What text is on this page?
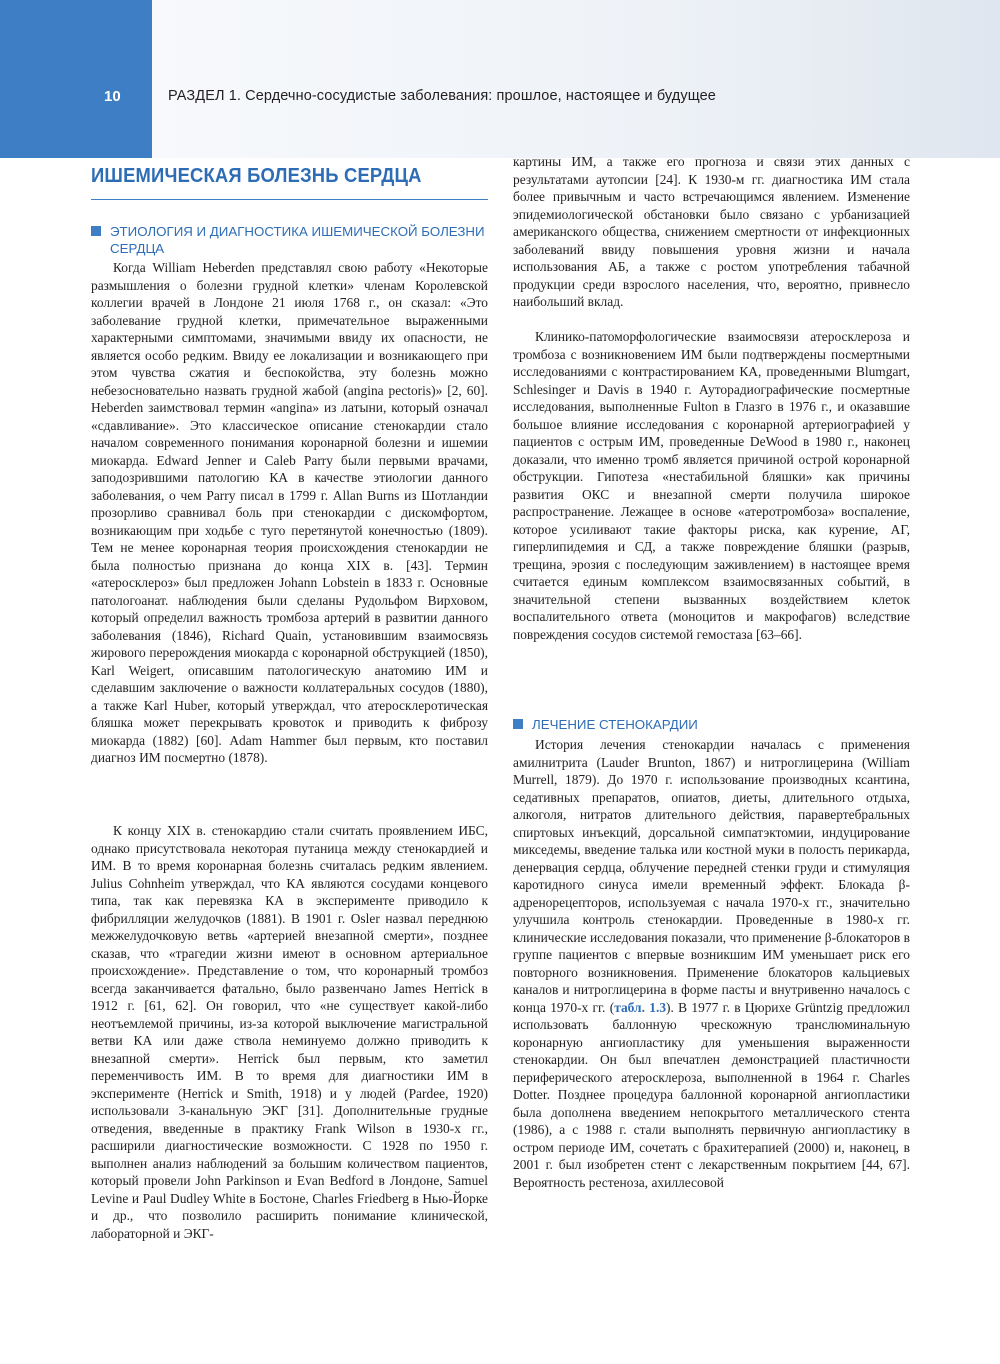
10	РАЗДЕЛ 1. Сердечно-сосудистые заболевания: прошлое, настоящее и будущее
ИШЕМИЧЕСКАЯ БОЛЕЗНЬ СЕРДЦА
ЭТИОЛОГИЯ И ДИАГНОСТИКА ИШЕМИЧЕСКОЙ БОЛЕЗНИ СЕРДЦА

Когда William Heberden представлял свою работу «Некоторые размышления о болезни грудной клетки» членам Королевской коллегии врачей в Лондоне 21 июля 1768 г., он сказал: «Это заболевание грудной клетки, примечательное выраженными характерными симптомами, значимыми ввиду их опасности, не является особо редким. Ввиду ее локализации и возникающего при этом чувства сжатия и беспокойства, эту болезнь можно небезосновательно назвать грудной жабой (angina pectoris)» [2, 60]. Heberden заимствовал термин «angina» из латыни, который означал «сдавливание». Это классическое описание стенокардии стало началом современного понимания коронарной болезни и ишемии миокарда. Edward Jenner и Caleb Parry были первыми врачами, заподозрившими патологию КА в качестве этиологии данного заболевания, о чем Parry писал в 1799 г. Allan Burns из Шотландии прозорливо сравнивал боль при стенокардии с дискомфортом, возникающим при ходьбе с туго перетянутой конечностью (1809). Тем не менее коронарная теория происхождения стенокардии не была полностью признана до конца XIX в. [43]. Термин «атеросклероз» был предложен Johann Lobstein в 1833 г. Основные патологоанат. наблюдения были сделаны Рудольфом Вирховом, который определил важность тромбоза артерий в развитии данного заболевания (1846), Richard Quain, установившим взаимосвязь жирового перерождения миокарда с коронарной обструкцией (1850), Karl Weigert, описавшим патологическую анатомию ИМ и сделавшим заключение о важности коллатеральных сосудов (1880), а также Karl Huber, который утверждал, что атеросклеротическая бляшка может перекрывать кровоток и приводить к фиброзу миокарда (1882) [60]. Adam Hammer был первым, кто поставил диагноз ИМ посмертно (1878).

К концу XIX в. стенокардию стали считать проявлением ИБС, однако присутствовала некоторая путаница между стенокардией и ИМ. В то время коронарная болезнь считалась редким явлением. Julius Cohnheim утверждал, что КА являются сосудами концевого типа, так как перевязка КА в эксперименте приводило к фибрилляции желудочков (1881). В 1901 г. Osler назвал переднюю межжелудочковую ветвь «артерией внезапной смерти», позднее сказав, что «трагедии жизни имеют в основном артериальное происхождение». Представление о том, что коронарный тромбоз всегда заканчивается фатально, было развенчано James Herrick в 1912 г. [61, 62]. Он говорил, что «не существует какой-либо неотъемлемой причины, из-за которой выключение магистральной ветви КА или даже ствола неминуемо должно приводить к внезапной смерти». Herrick был первым, кто заметил переменчивость ИМ. В то время для диагностики ИМ в эксперименте (Herrick и Smith, 1918) и у людей (Pardee, 1920) использовали 3-канальную ЭКГ [31]. Дополнительные грудные отведения, введенные в практику Frank Wilson в 1930-х гг., расширили диагностические возможности. С 1928 по 1950 г. выполнен анализ наблюдений за большим количеством пациентов, который провели John Parkinson и Evan Bedford в Лондоне, Samuel Levine и Paul Dudley White в Бостоне, Charles Friedberg в Нью-Йорке и др., что позволило расширить понимание клинической, лабораторной и ЭКГ-

картины ИМ, а также его прогноза и связи этих данных с результатами аутопсии [24]. К 1930-м гг. диагностика ИМ стала более привычным и часто встречающимся явлением. Изменение эпидемиологической обстановки было связано с урбанизацией американского общества, снижением смертности от инфекционных заболеваний ввиду повышения уровня жизни и начала использования АБ, а также с ростом употребления табачной продукции среди взрослого населения, что, вероятно, привнесло наибольший вклад.

Клинико-патоморфологические взаимосвязи атеросклероза и тромбоза с возникновением ИМ были подтверждены посмертными исследованиями с контрастированием КА, проведенными Blumgart, Schlesinger и Davis в 1940 г. Ауторадиографические посмертные исследования, выполненные Fulton в Глазго в 1976 г., и оказавшие большое влияние исследования с коронарной артериографией у пациентов с острым ИМ, проведенные DeWood в 1980 г., наконец доказали, что именно тромб является причиной острой коронарной обструкции. Гипотеза «нестабильной бляшки» как причины развития ОКС и внезапной смерти получила широкое распространение. Лежащее в основе «атеротромбоза» воспаление, которое усиливают такие факторы риска, как курение, АГ, гиперлипидемия и СД, а также повреждение бляшки (разрыв, трещина, эрозия с последующим заживлением) в настоящее время считается единым комплексом взаимосвязанных событий, в значительной степени вызванных воздействием клеток воспалительного ответа (моноцитов и макрофагов) вследствие повреждения сосудов системой гемостаза [63–66].

ЛЕЧЕНИЕ СТЕНОКАРДИИ

История лечения стенокардии началась с применения амилнитрита (Lauder Brunton, 1867) и нитроглицерина (William Murrell, 1879). До 1970 г. использование производных ксантина, седативных препаратов, опиатов, диеты, длительного отдыха, алкоголя, нитратов длительного действия, паравертебральных спиртовых инъекций, дорсальной симпатэктомии, индуцирование микседемы, введение талька или костной муки в полость перикарда, денервация сердца, облучение передней стенки груди и стимуляция каротидного синуса имели временный эффект. Блокада β-адренорецепторов, используемая с начала 1970-х гг., значительно улучшила контроль стенокардии. Проведенные в 1980-х гг. клинические исследования показали, что применение β-блокаторов в группе пациентов с впервые возникшим ИМ уменьшает риск его повторного возникновения. Применение блокаторов кальциевых каналов и нитроглицерина в форме пасты и внутривенно началось с конца 1970-х гг. (табл. 1.3). В 1977 г. в Цюрихе Grüntzig предложил использовать баллонную чрескожную транслюминальную коронарную ангиопластику для уменьшения выраженности стенокардии. Он был впечатлен демонстрацией пластичности периферического атеросклероза, выполненной в 1964 г. Charles Dotter. Позднее процедура баллонной коронарной ангиопластики была дополнена введением непокрытого металлического стента (1986), а с 1988 г. стали выполнять первичную ангиопластику в остром периоде ИМ, сочетать с брахитерапией (2000) и, наконец, в 2001 г. был изобретен стент с лекарственным покрытием [44, 67]. Вероятность рестеноза, ахиллесовой
